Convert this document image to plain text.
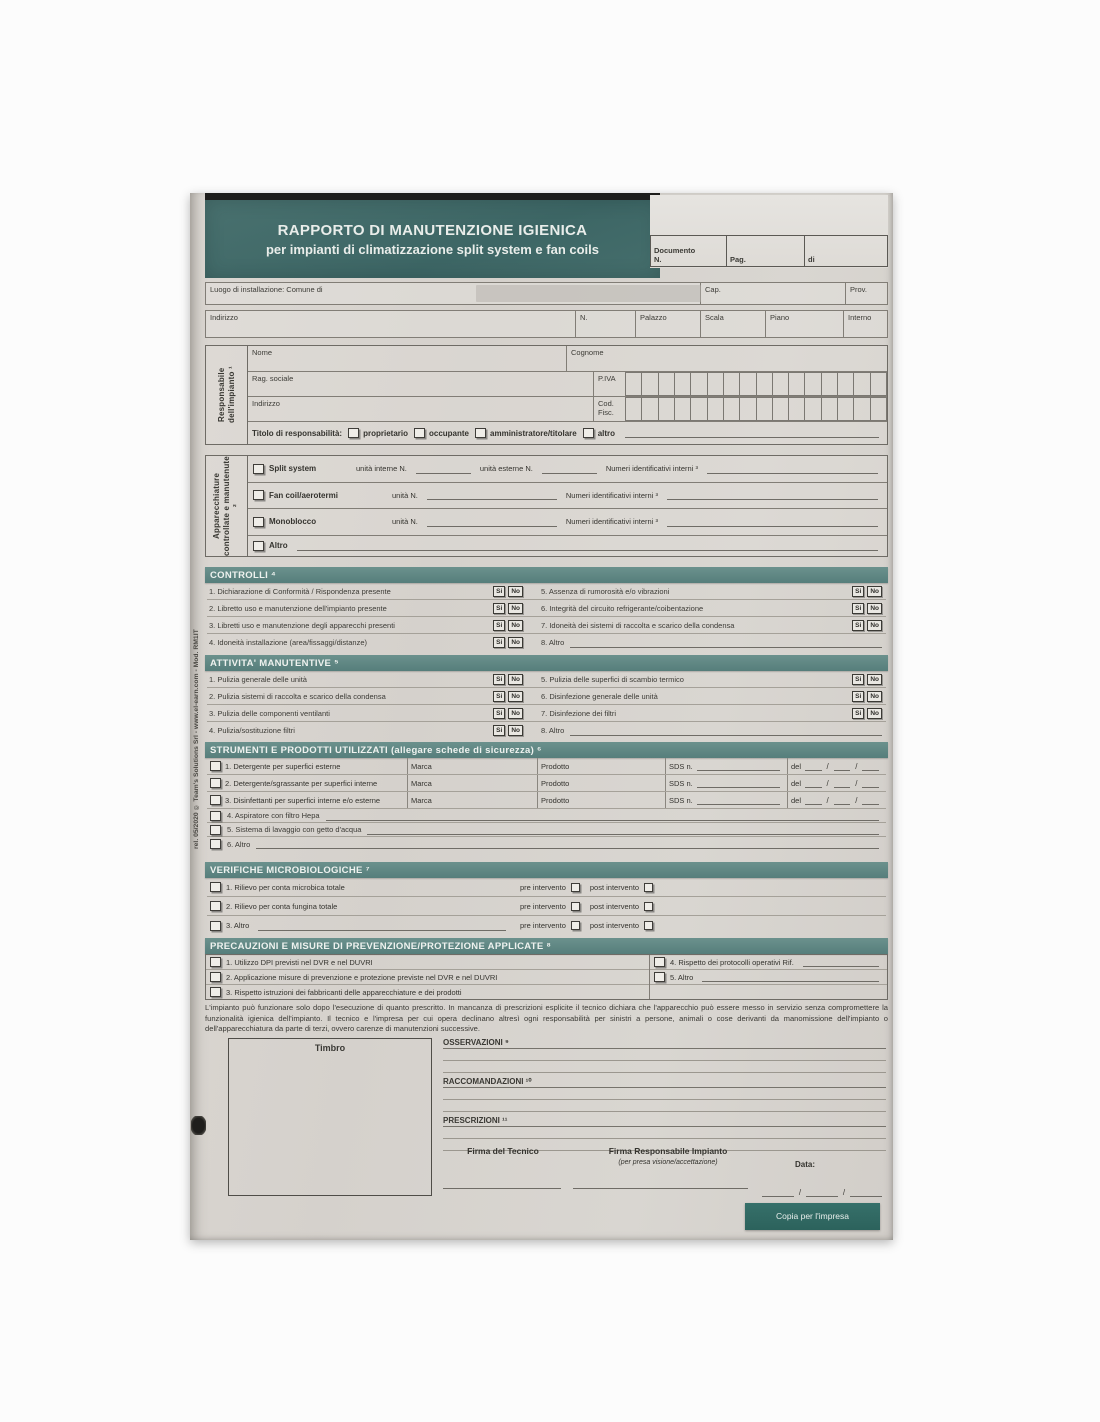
rel. 05/2020 © Team's Solutions Srl - www.el-earn.com - Mod. RM1IT
RAPPORTO DI MANUTENZIONE IGIENICA
per impianti di climatizzazione split system e fan coils	Documento
N.	Pag.	di
Luogo di installazione: Comune di	Cap.	Prov.
Indirizzo	N.	Palazzo	Scala	Piano	Interno
Responsabile dell'impianto ¹
Nome	Cognome
Rag. sociale	P.IVA
Indirizzo	Cod. Fisc.
Titolo di responsabilità:	proprietario	occupante	amministratore/titolare	altro
Apparecchiature controllate e manutenute ²
Split system	unità interne N.	unità esterne N.	Numeri identificativi interni ³
Fan coil/aerotermi	unità N.	Numeri identificativi interni ³
Monoblocco	unità N.	Numeri identificativi interni ³
Altro
CONTROLLI ⁴
1. Dichiarazione di Conformità / Rispondenza presente	Si	No	5. Assenza di rumorosità e/o vibrazioni	Si	No
2. Libretto uso e manutenzione dell'impianto presente	Si	No	6. Integrità del circuito refrigerante/coibentazione	Si	No
3. Libretti uso e manutenzione degli apparecchi presenti	Si	No	7. Idoneità dei sistemi di raccolta e scarico della condensa	Si	No
4. Idoneità installazione (area/fissaggi/distanze)	Si	No	8. Altro
ATTIVITA' MANUTENTIVE ⁵
1. Pulizia generale delle unità	Si	No	5. Pulizia delle superfici di scambio termico	Si	No
2. Pulizia sistemi di raccolta e scarico della condensa	Si	No	6. Disinfezione generale delle unità	Si	No
3. Pulizia delle componenti ventilanti	Si	No	7. Disinfezione dei filtri	Si	No
4. Pulizia/sostituzione filtri	Si	No	8. Altro
STRUMENTI E PRODOTTI UTILIZZATI (allegare schede di sicurezza) ⁶
1. Detergente per superfici esterne	Marca	Prodotto	SDS n.	del	/	/
2. Detergente/sgrassante per superfici interne	Marca	Prodotto	SDS n.	del	/	/
3. Disinfettanti per superfici interne e/o esterne	Marca	Prodotto	SDS n.	del	/	/
4. Aspiratore con filtro Hepa
5. Sistema di lavaggio con getto d'acqua
6. Altro
VERIFICHE MICROBIOLOGICHE ⁷
1. Rilievo per conta microbica totale	pre intervento	post intervento
2. Rilievo per conta fungina totale	pre intervento	post intervento
3. Altro	pre intervento	post intervento
PRECAUZIONI E MISURE DI PREVENZIONE/PROTEZIONE APPLICATE ⁸
1. Utilizzo DPI previsti nel DVR e nel DUVRI
2. Applicazione misure di prevenzione e protezione previste nel DVR e nel DUVRI
3. Rispetto istruzioni dei fabbricanti delle apparecchiature e dei prodotti
4. Rispetto dei protocolli operativi Rif.
5. Altro
L'impianto può funzionare solo dopo l'esecuzione di quanto prescritto. In mancanza di prescrizioni esplicite il tecnico dichiara che l'apparecchio può essere messo in servizio senza compromettere la funzionalità igienica dell'impianto. Il tecnico e l'impresa per cui opera declinano altresì ogni responsabilità per sinistri a persone, animali o cose derivanti da manomissione dell'impianto o dell'apparecchiatura da parte di terzi, ovvero carenze di manutenzioni successive.
Timbro
OSSERVAZIONI ⁹
RACCOMANDAZIONI ¹⁰
PRESCRIZIONI ¹¹
Firma del Tecnico	Firma Responsabile Impianto
(per presa visione/accettazione)	Data:
/	/
Copia per l'impresa
